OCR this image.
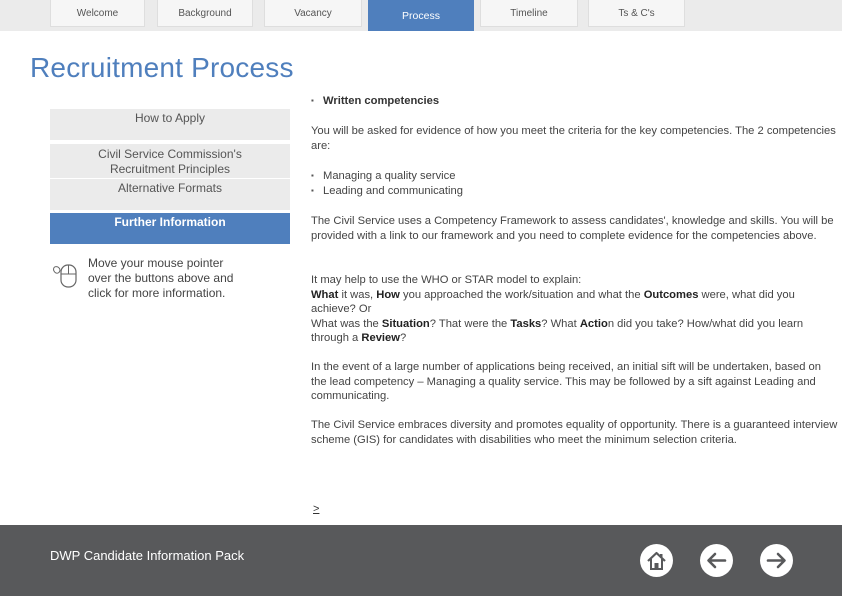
Welcome	Background	Vacancy	Process	Timeline	Ts & C's
Recruitment Process
How to Apply
Civil Service Commission's
Recruitment Principles
Alternative Formats
Further Information
Move your mouse pointer over the buttons above and click for more information.
▪ Written competencies

You will be asked for evidence of how you meet the criteria for the key competencies. The 2 competencies are:

▪ Managing a quality service
▪ Leading and communicating

The Civil Service uses a Competency Framework to assess candidates', knowledge and skills. You will be provided with a link to our framework and you need to complete evidence for the competencies above.

It may help to use the WHO or STAR model to explain:
What it was, How you approached the work/situation and what the Outcomes were, what did you achieve? Or
What was the Situation? That were the Tasks? What Action did you take? How/what did you learn through a Review?

In the event of a large number of applications being received, an initial sift will be undertaken, based on the lead competency – Managing a quality service. This may be followed by a sift against Leading and communicating.

The Civil Service embraces diversity and promotes equality of opportunity. There is a guaranteed interview scheme (GIS) for candidates with disabilities who meet the minimum selection criteria.

>
DWP Candidate Information Pack
